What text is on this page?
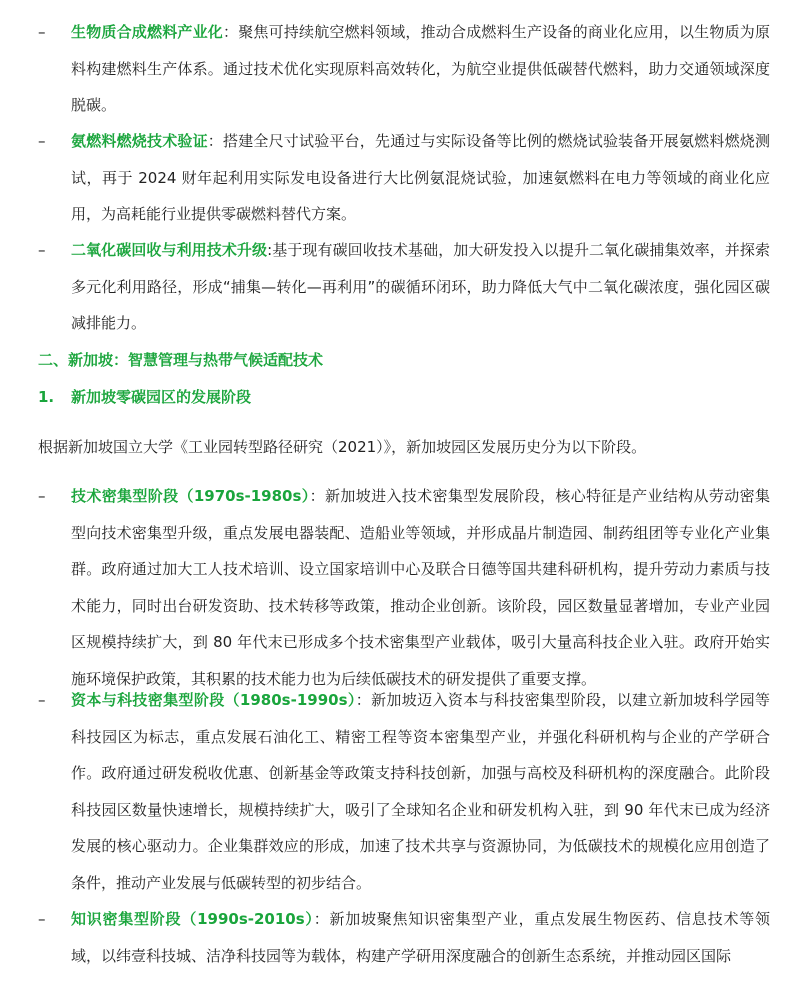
–	生物质合成燃料产业化：聚焦可持续航空燃料领域，推动合成燃料生产设备的商业化应用，以生物质为原料构建燃料生产体系。通过技术优化实现原料高效转化，为航空业提供低碳替代燃料，助力交通领域深度脱碳。
–	氨燃料燃烧技术验证：搭建全尺寸试验平台，先通过与实际设备等比例的燃烧试验装备开展氨燃料燃烧测试，再于 2024 财年起利用实际发电设备进行大比例氨混烧试验，加速氨燃料在电力等领域的商业化应用，为高耗能行业提供零碳燃料替代方案。
–	二氧化碳回收与利用技术升级:基于现有碳回收技术基础，加大研发投入以提升二氧化碳捕集效率，并探索多元化利用路径，形成“捕集—转化—再利用”的碳循环闭环，助力降低大气中二氧化碳浓度，强化园区碳减排能力。
二、新加坡：智慧管理与热带气候适配技术
1. 新加坡零碳园区的发展阶段
根据新加坡国立大学《工业园转型路径研究（2021）》，新加坡园区发展历史分为以下阶段。
–	技术密集型阶段（1970s-1980s）：新加坡进入技术密集型发展阶段，核心特征是产业结构从劳动密集型向技术密集型升级，重点发展电器装配、造船业等领域，并形成晶片制造园、制药组团等专业化产业集群。政府通过加大工人技术培训、设立国家培训中心及联合日德等国共建科研机构，提升劳动力素质与技术能力，同时出台研发资助、技术转移等政策，推动企业创新。该阶段，园区数量显著增加，专业产业园区规模持续扩大，到 80 年代末已形成多个技术密集型产业载体，吸引大量高科技企业入驻。政府开始实施环境保护政策，其积累的技术能力也为后续低碳技术的研发提供了重要支撑。
–	资本与科技密集型阶段（1980s-1990s）：新加坡迈入资本与科技密集型阶段，以建立新加坡科学园等科技园区为标志，重点发展石油化工、精密工程等资本密集型产业，并强化科研机构与企业的产学研合作。政府通过研发税收优惠、创新基金等政策支持科技创新，加强与高校及科研机构的深度融合。此阶段科技园区数量快速增长，规模持续扩大，吸引了全球知名企业和研发机构入驻，到 90 年代末已成为经济发展的核心驱动力。企业集群效应的形成，加速了技术共享与资源协同，为低碳技术的规模化应用创造了条件，推动产业发展与低碳转型的初步结合。
–	知识密集型阶段（1990s-2010s）：新加坡聚焦知识密集型产业，重点发展生物医药、信息技术等领域，以纬壹科技城、洁净科技园等为载体，构建产学研用深度融合的创新生态系统，并推动园区国际
